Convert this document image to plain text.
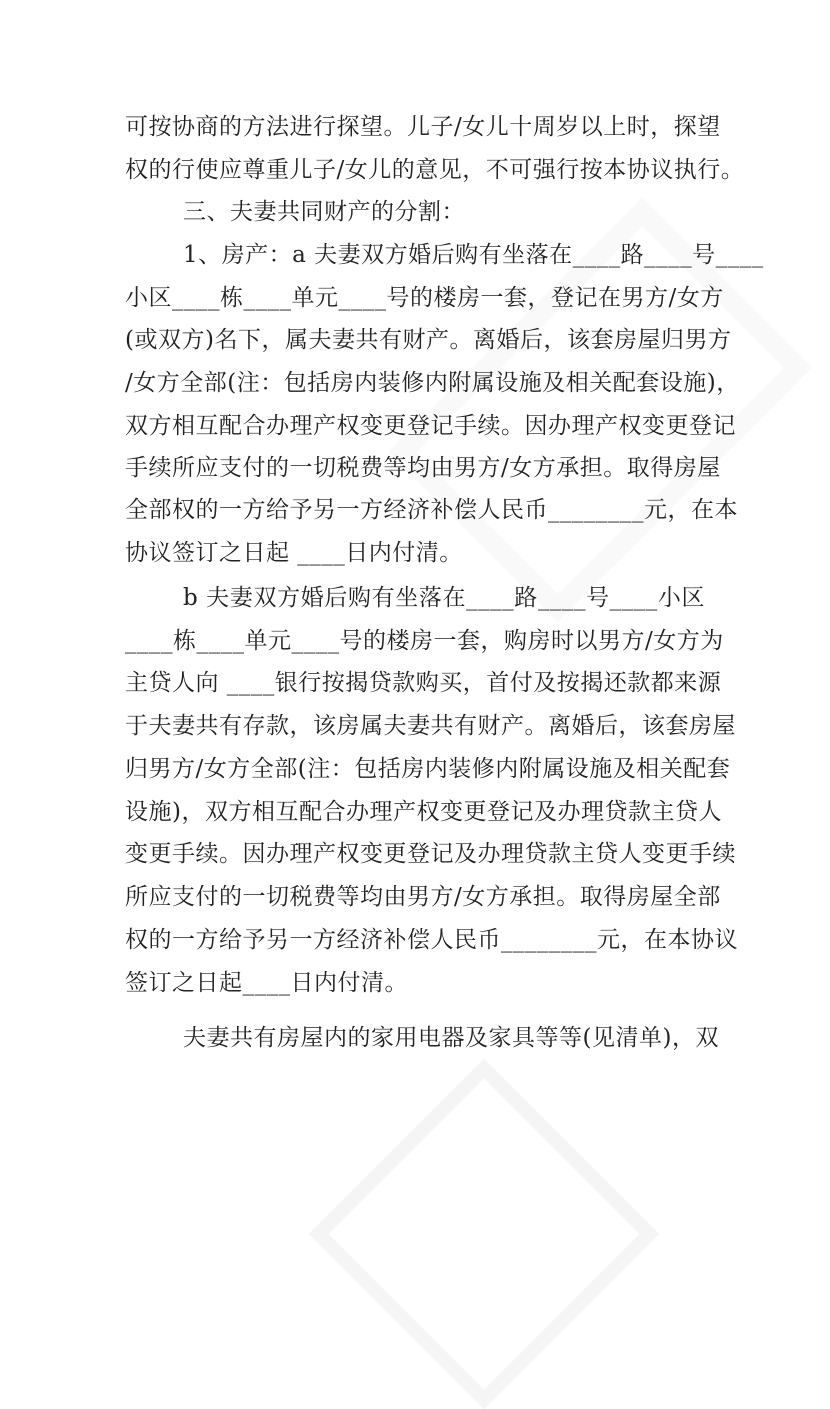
可按协商的方法进行探望。儿子/女儿十周岁以上时，探望
权的行使应尊重儿子/女儿的意见，不可强行按本协议执行。
三、夫妻共同财产的分割：
1、房产：a 夫妻双方婚后购有坐落在____路____号____
小区____栋____单元____号的楼房一套，登记在男方/女方
(或双方)名下，属夫妻共有财产。离婚后，该套房屋归男方
/女方全部(注：包括房内装修内附属设施及相关配套设施)，
双方相互配合办理产权变更登记手续。因办理产权变更登记
手续所应支付的一切税费等均由男方/女方承担。取得房屋
全部权的一方给予另一方经济补偿人民币________元，在本
协议签订之日起 ____日内付清。
b 夫妻双方婚后购有坐落在____路____号____小区
____栋____单元____号的楼房一套，购房时以男方/女方为
主贷人向 ____银行按揭贷款购买，首付及按揭还款都来源
于夫妻共有存款，该房属夫妻共有财产。离婚后，该套房屋
归男方/女方全部(注：包括房内装修内附属设施及相关配套
设施)，双方相互配合办理产权变更登记及办理贷款主贷人
变更手续。因办理产权变更登记及办理贷款主贷人变更手续
所应支付的一切税费等均由男方/女方承担。取得房屋全部
权的一方给予另一方经济补偿人民币________元，在本协议
签订之日起____日内付清。
夫妻共有房屋内的家用电器及家具等等(见清单)，双
